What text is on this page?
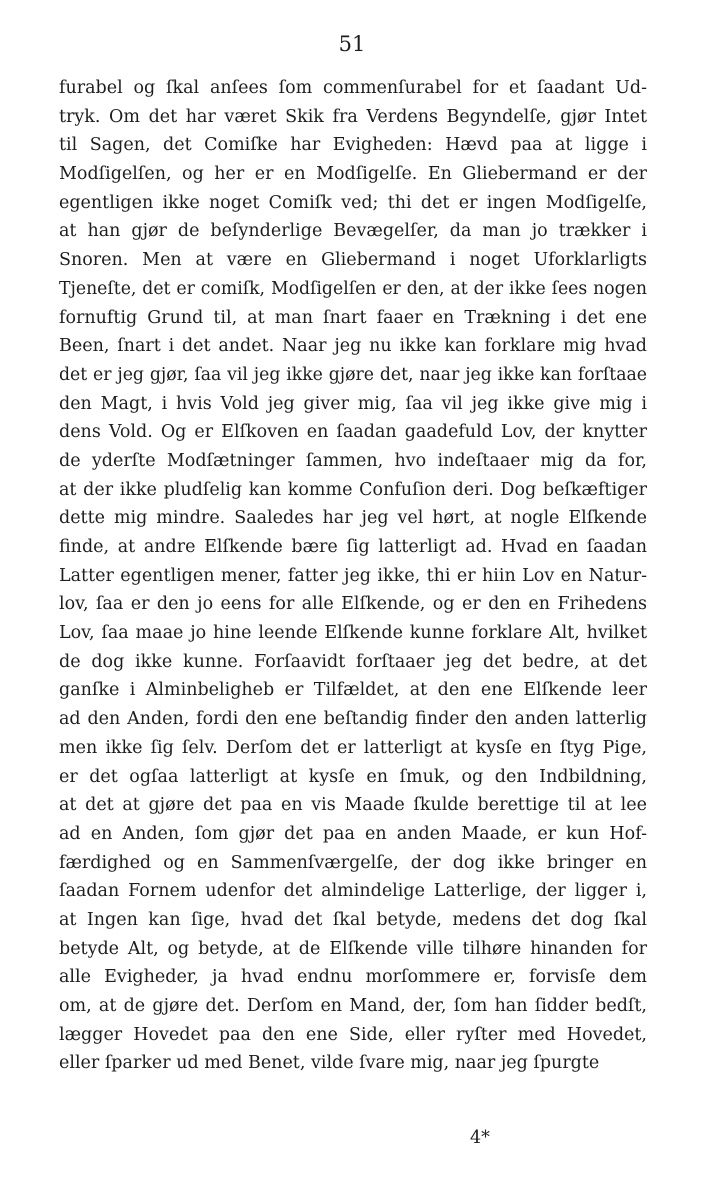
51
furabel og ſkal anſees ſom commenſurabel for et ſaadant Ud-
tryk. Om det har været Skik fra Verdens Begyndelſe, gjør Intet
til Sagen, det Comiſke har Evigheden: Hævd paa at ligge i
Modſigelſen, og her er en Modſigelſe. En Gliebermand er der
egentligen ikke noget Comiſk ved; thi det er ingen Modſigelſe,
at han gjør de beſynderlige Bevægelſer, da man jo trækker i
Snoren. Men at være en Gliebermand i noget Uforklarligts
Tjeneſte, det er comiſk, Modſigelſen er den, at der ikke ſees nogen
fornuftig Grund til, at man ſnart faaer en Trækning i det ene
Been, ſnart i det andet. Naar jeg nu ikke kan forklare mig hvad
det er jeg gjør, ſaa vil jeg ikke gjøre det, naar jeg ikke kan forſtaae
den Magt, i hvis Vold jeg giver mig, ſaa vil jeg ikke give mig i
dens Vold. Og er Elſkoven en ſaadan gaadefuld Lov, der knytter
de yderſte Modſætninger ſammen, hvo indeſtaaer mig da for,
at der ikke pludſelig kan komme Confuſion deri. Dog beſkæftiger
dette mig mindre. Saaledes har jeg vel hørt, at nogle Elſkende
finde, at andre Elſkende bære ſig latterligt ad. Hvad en ſaadan
Latter egentligen mener, fatter jeg ikke, thi er hiin Lov en Natur-
lov, ſaa er den jo eens for alle Elſkende, og er den en Frihedens
Lov, ſaa maae jo hine leende Elſkende kunne forklare Alt, hvilket
de dog ikke kunne. Forſaavidt forſtaaer jeg det bedre, at det
ganſke i Alminbeligheb er Tilfældet, at den ene Elſkende leer
ad den Anden, fordi den ene beſtandig finder den anden latterlig
men ikke ſig ſelv. Derſom det er latterligt at kysſe en ſtyg Pige,
er det ogſaa latterligt at kysſe en ſmuk, og den Indbildning,
at det at gjøre det paa en vis Maade ſkulde berettige til at lee
ad en Anden, ſom gjør det paa en anden Maade, er kun Hof-
færdighed og en Sammenſværgelſe, der dog ikke bringer en
ſaadan Fornem udenfor det almindelige Latterlige, der ligger i,
at Ingen kan ſige, hvad det ſkal betyde, medens det dog ſkal
betyde Alt, og betyde, at de Elſkende ville tilhøre hinanden for
alle Evigheder, ja hvad endnu morſommere er, forvisſe dem
om, at de gjøre det. Derſom en Mand, der, ſom han ſidder bedſt,
lægger Hovedet paa den ene Side, eller ryſter med Hovedet,
eller ſparker ud med Benet, vilde ſvare mig, naar jeg ſpurgte
4*
